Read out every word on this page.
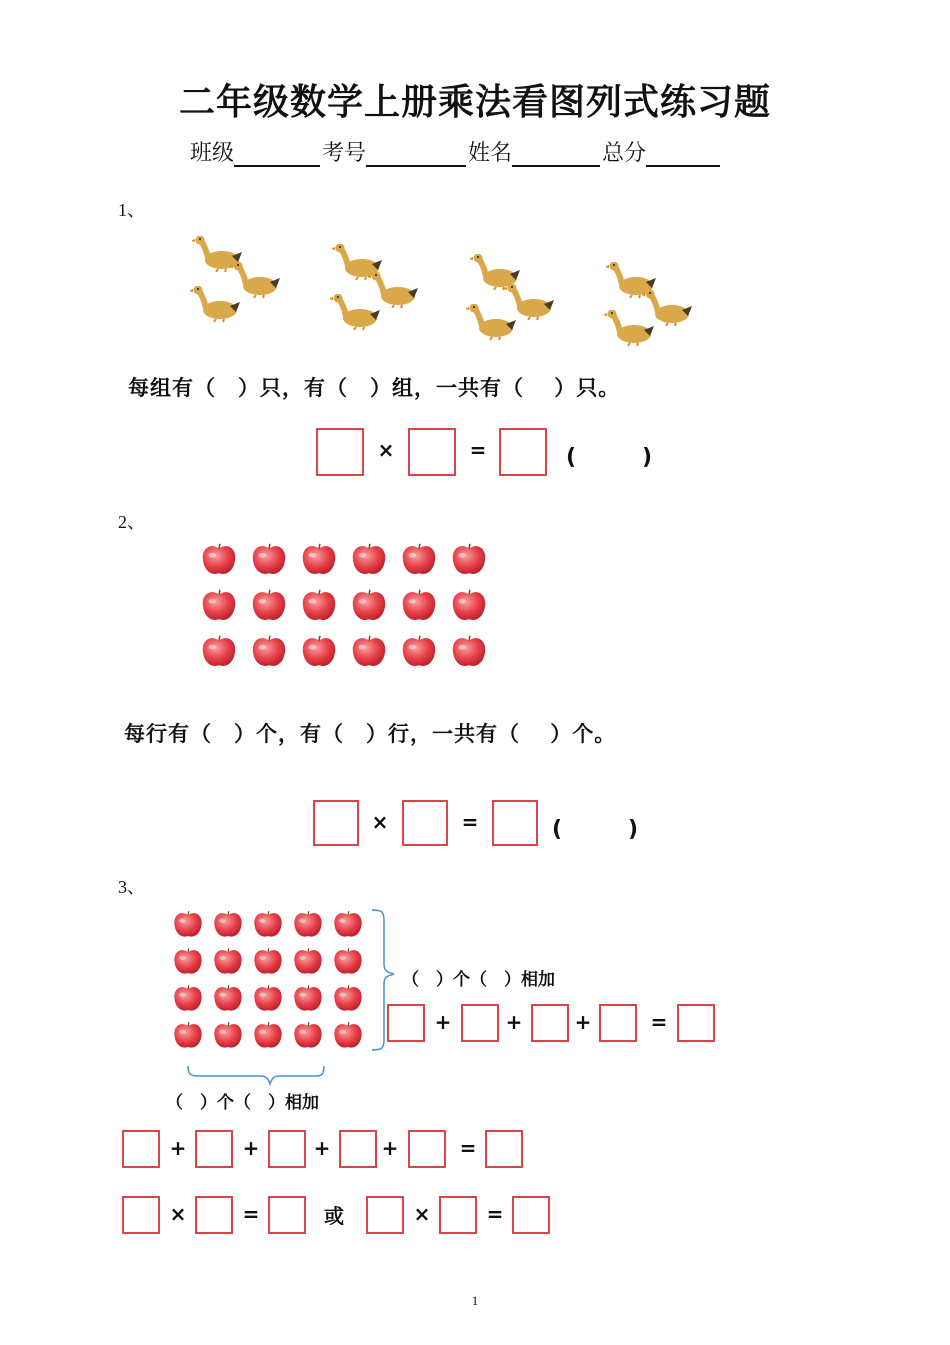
二年级数学上册乘法看图列式练习题
班级	考号	姓名	总分
1、
每组有（　）只，有（　）组，一共有（　 ）只。
×	=	(　　　)
2、
每行有（　）个，有（　）行，一共有（　 ）个。
×	=	(　　　)
3、
（　）个（　）相加
+	+	+	=
（　）个（　）相加
+	+	+	+	=
×	=	或	×	=
1
